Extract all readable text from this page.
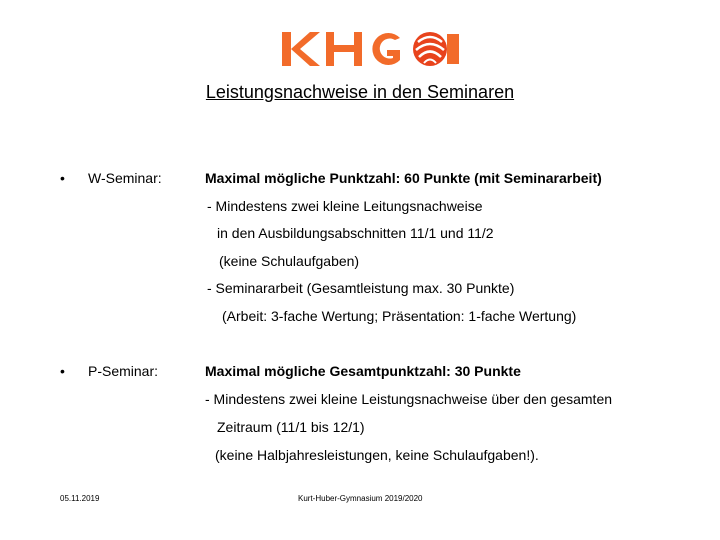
Leistungsnachweise in den Seminaren
• W-Seminar:	Maximal mögliche Punktzahl: 60 Punkte (mit Seminararbeit)
- Mindestens zwei kleine Leitungsnachweise
in den Ausbildungsabschnitten 11/1 und 11/2
(keine Schulaufgaben)
- Seminararbeit (Gesamtleistung max. 30 Punkte)
(Arbeit: 3-fache Wertung; Präsentation: 1-fache Wertung)
• P-Seminar:	Maximal mögliche Gesamtpunktzahl: 30 Punkte
- Mindestens zwei kleine Leistungsnachweise über den gesamten
Zeitraum (11/1 bis 12/1)
(keine Halbjahresleistungen, keine Schulaufgaben!).
05.11.2019	Kurt-Huber-Gymnasium 2019/2020
